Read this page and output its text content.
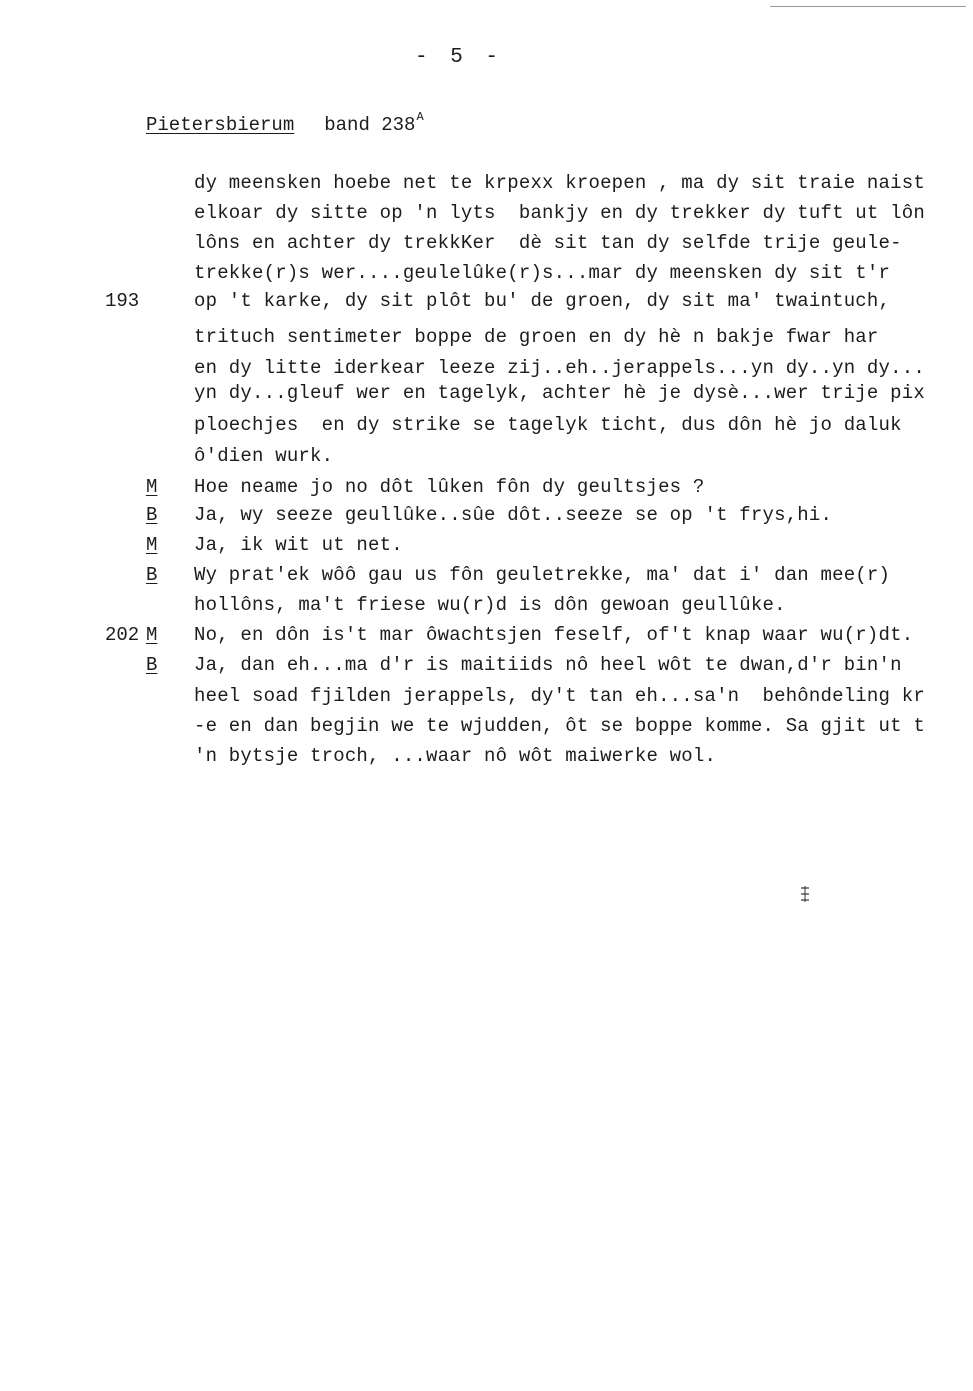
- 5 -
Pietersbierum band $238^A$
193
202
M
B
M
B
M
B
dy meensken hoebe net te krpexx kroepen , ma dy sit traie naist
elkoar dy sitte op 'n lyts  bankjy en dy trekker dy tuft ut lôn
lôns en achter dy trekkKer  dè sit tan dy selfde trije geule-
trekke(r)s wer....geulelûke(r)s...mar dy meensken dy sit t'r
op 't karke, dy sit plôt bu' de groen, dy sit ma' twaintuch,
trituch sentimeter boppe de groen en dy hè n bakje fwar har
en dy litte iderkear leeze zij..eh..jerappels...yn dy..yn dy...
yn dy...gleuf wer en tagelyk, achter hè je dysè...wer trije pix
ploechjes  en dy strike se tagelyk ticht, dus dôn hè jo daluk
ô'dien wurk.
Hoe neame jo no dôt lûken fôn dy geultsjes ?
Ja, wy seeze geullûke..sûe dôt..seeze se op 't frys,hi.
Ja, ik wit ut net.
Wy prat'ek wôô gau us fôn geuletrekke, ma' dat i' dan mee(r)
hollôns, ma't friese wu(r)d is dôn gewoan geullûke.
No, en dôn is't mar ôwachtsjen feself, of't knap waar wu(r)dt.
Ja, dan eh...ma d'r is maitiids nô heel wôt te dwan,d'r bin'n
heel soad fjilden jerappels, dy't tan eh...sa'n  behôndeling kr
-e en dan begjin we te wjudden, ôt se boppe komme. Sa gjit ut t
'n bytsje troch, ...waar nô wôt maiwerke wol.
